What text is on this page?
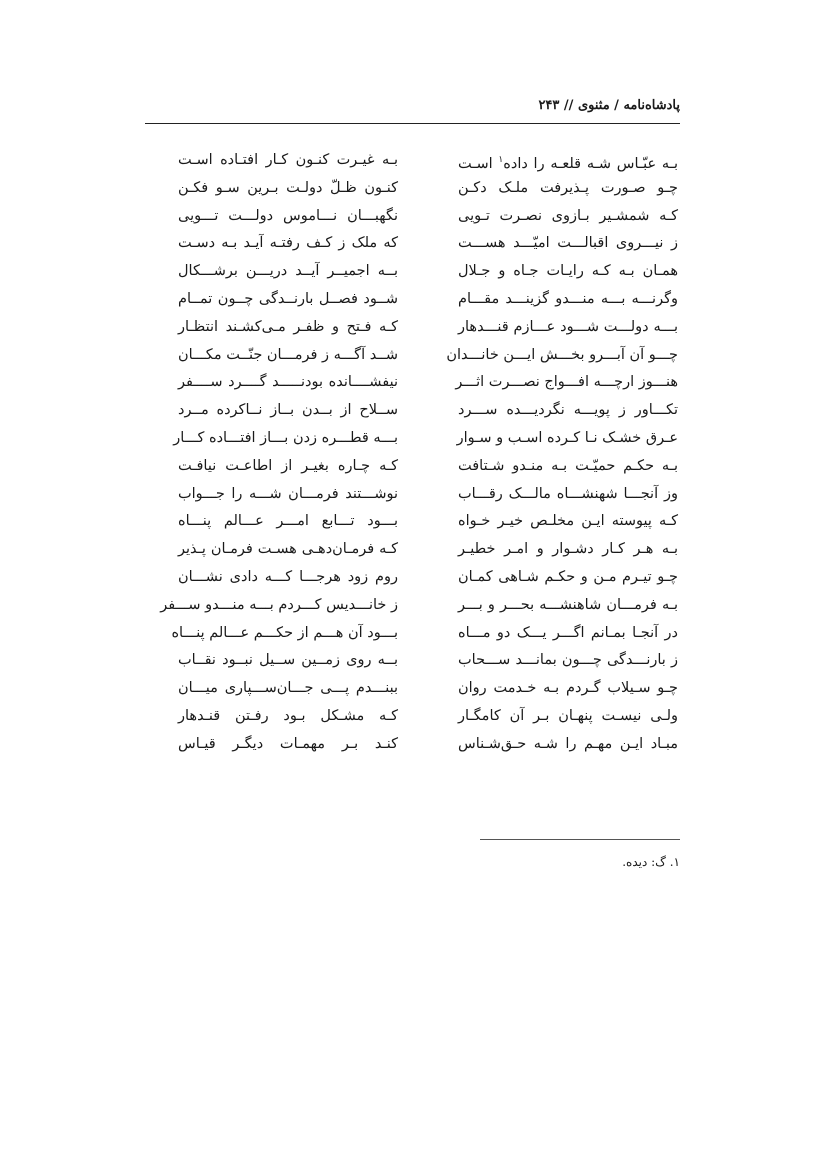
پادشاه‌نامه / مثنوی // ۲۴۳
بـه عبّـاس شـه قلعـه را داده$^۱$ اسـت
بـه غیـرت کنـون کـار افتـاده اسـت
چـو صـورت پـذیرفت ملـک دکـن
کنـون ظـلّ دولـت بـرین سـو فکـن
کـه شمشـیر بـازوی نصـرت تـویی
نگهبـــان نـــاموس دولـــت تـــویی
ز نیـــروی اقبالـــت امیّـــد هســـت
که ملک ز کـف رفتـه آیـد بـه دسـت
همـان بـه کـه رایـات جـاه و جـلال
بــه اجمیــر آیــد دریـــن برشـــکال
وگرنـــه بـــه منـــدو گزینـــد مقـــام
شــود فصــل بارنــدگی چــون تمــام
بـــه دولـــت شـــود عـــازم قنـــدهار
کـه فـتح و ظفـر مـی‌کشـند انتظـار
چـــو آن آبـــرو بخـــش ایـــن خانـــدان
شــد آگـــه ز فرمـــان جنّــت مکـــان
هنـــوز ارچـــه افـــواج نصـــرت اثـــر
نیفشــــانده بودنـــــد گــــرد ســــفر
تکـــاور ز پویـــه نگردیـــده ســـرد
ســلاح از بــدن بــاز نــاکرده مــرد
عـرق خشـک نـا کـرده اسـب و سـوار
بـــه قطـــره زدن بـــاز افتـــاده کـــار
بـه حکـم حمیّـت بـه منـدو شـتافت
کـه چـاره بغیـر از اطاعـت نیافـت
وز آنجـــا شهنشـــاه مالـــک رقـــاب
نوشـــتند فرمـــان شـــه را جـــواب
کـه پیوسته ایـن مخلـص خیـر خـواه
بـــود تـــابع امـــر عـــالم پنـــاه
بـه هـر کـار دشـوار و امـر خطیـر
کـه فرمـان‌دهـی هسـت فرمـان پـذیر
چـو تیـرم مـن و حکـم شـاهی کمـان
روم زود هرجـــا کـــه دادی نشـــان
بـه فرمـــان شاهنشـــه بحـــر و بـــر
ز خانـــدیس کـــردم بـــه منـــدو ســـفر
در آنجـا بمـانم اگـــر یـــک دو مـــاه
بـــود آن هـــم از حکـــم عـــالم پنـــاه
ز بارنـــدگی چـــون بمانـــد ســـحاب
بــه روی زمــین ســیل نبــود نقــاب
چـو سـیلاب گـردم بـه خـدمت روان
ببنـــدم پـــی جـــان‌ســـپاری میـــان
ولـی نیسـت پنهـان بـر آن کامگـار
کـه مشـکل بـود رفـتن قنـدهار
مبـاد ایـن مهـم را شـه حـق‌شـناس
کنـد بـر مهمـات دیگـر قیـاس
۱. گ: دیده.
